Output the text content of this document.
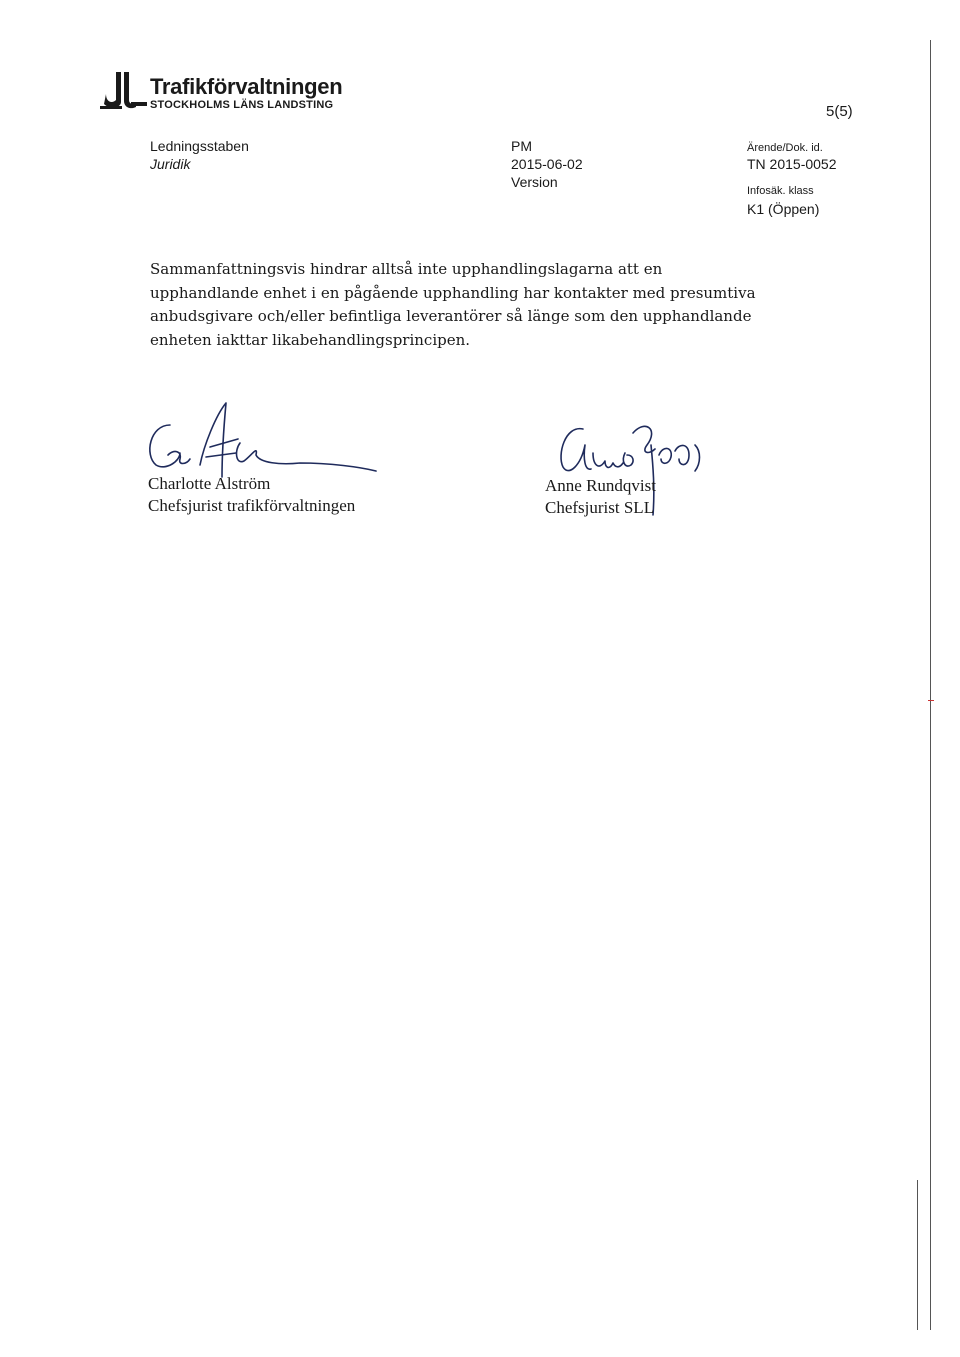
Trafikförvaltningen
STOCKHOLMS LÄNS LANDSTING	5(5)
Ledningsstaben
Juridik
PM
2015-06-02
Version
Ärende/Dok. id.
TN 2015-0052
Infosäk. klass
K1 (Öppen)
Sammanfattningsvis hindrar alltså inte upphandlingslagarna att en
upphandlande enhet i en pågående upphandling har kontakter med presumtiva
anbudsgivare och/eller befintliga leverantörer så länge som den upphandlande
enheten iakttar likabehandlingsprincipen.
Charlotte Alström
Chefsjurist trafikförvaltningen
Anne Rundqvist
Chefsjurist SLL
